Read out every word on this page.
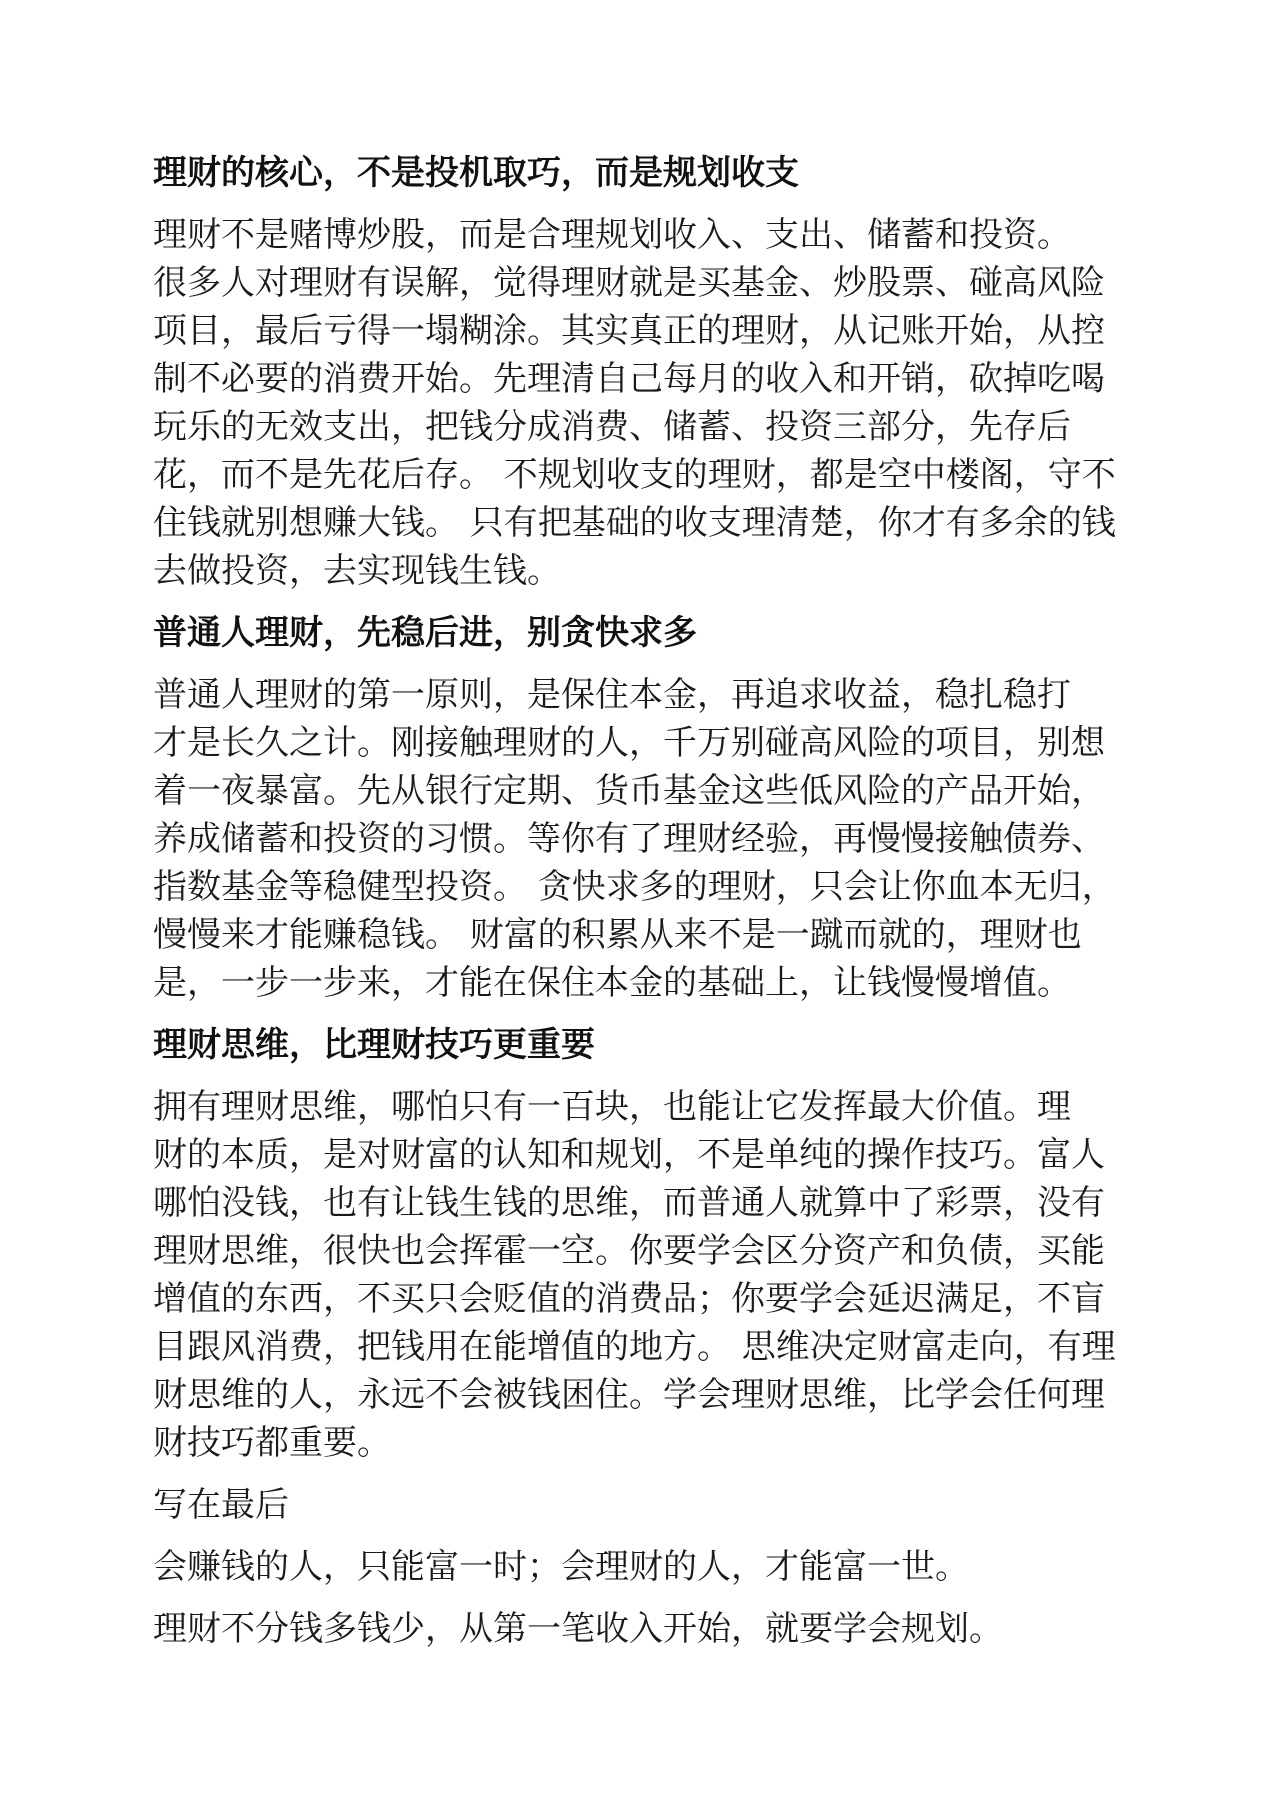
理财的核心，不是投机取巧，而是规划收支

理财不是赌博炒股，而是合理规划收入、支出、储蓄和投资。

很多人对理财有误解，觉得理财就是买基金、炒股票、碰高风险
项目，最后亏得一塌糊涂。其实真正的理财，从记账开始，从控
制不必要的消费开始。先理清自己每月的收入和开销，砍掉吃喝
玩乐的无效支出，把钱分成消费、储蓄、投资三部分，先存后
花，而不是先花后存。 不规划收支的理财，都是空中楼阁，守不
住钱就别想赚大钱。 只有把基础的收支理清楚，你才有多余的钱
去做投资，去实现钱生钱。

普通人理财，先稳后进，别贪快求多

普通人理财的第一原则，是保住本金，再追求收益，稳扎稳打
才是长久之计。刚接触理财的人，千万别碰高风险的项目，别想
着一夜暴富。先从银行定期、货币基金这些低风险的产品开始，
养成储蓄和投资的习惯。等你有了理财经验，再慢慢接触债券、
指数基金等稳健型投资。 贪快求多的理财，只会让你血本无归，
慢慢来才能赚稳钱。 财富的积累从来不是一蹴而就的，理财也
是，一步一步来，才能在保住本金的基础上，让钱慢慢增值。

理财思维，比理财技巧更重要

拥有理财思维，哪怕只有一百块，也能让它发挥最大价值。理
财的本质，是对财富的认知和规划，不是单纯的操作技巧。富人
哪怕没钱，也有让钱生钱的思维，而普通人就算中了彩票，没有
理财思维，很快也会挥霍一空。你要学会区分资产和负债，买能
增值的东西，不买只会贬值的消费品；你要学会延迟满足，不盲
目跟风消费，把钱用在能增值的地方。 思维决定财富走向，有理
财思维的人，永远不会被钱困住。学会理财思维，比学会任何理
财技巧都重要。

写在最后

会赚钱的人，只能富一时；会理财的人，才能富一世。

理财不分钱多钱少，从第一笔收入开始，就要学会规划。
